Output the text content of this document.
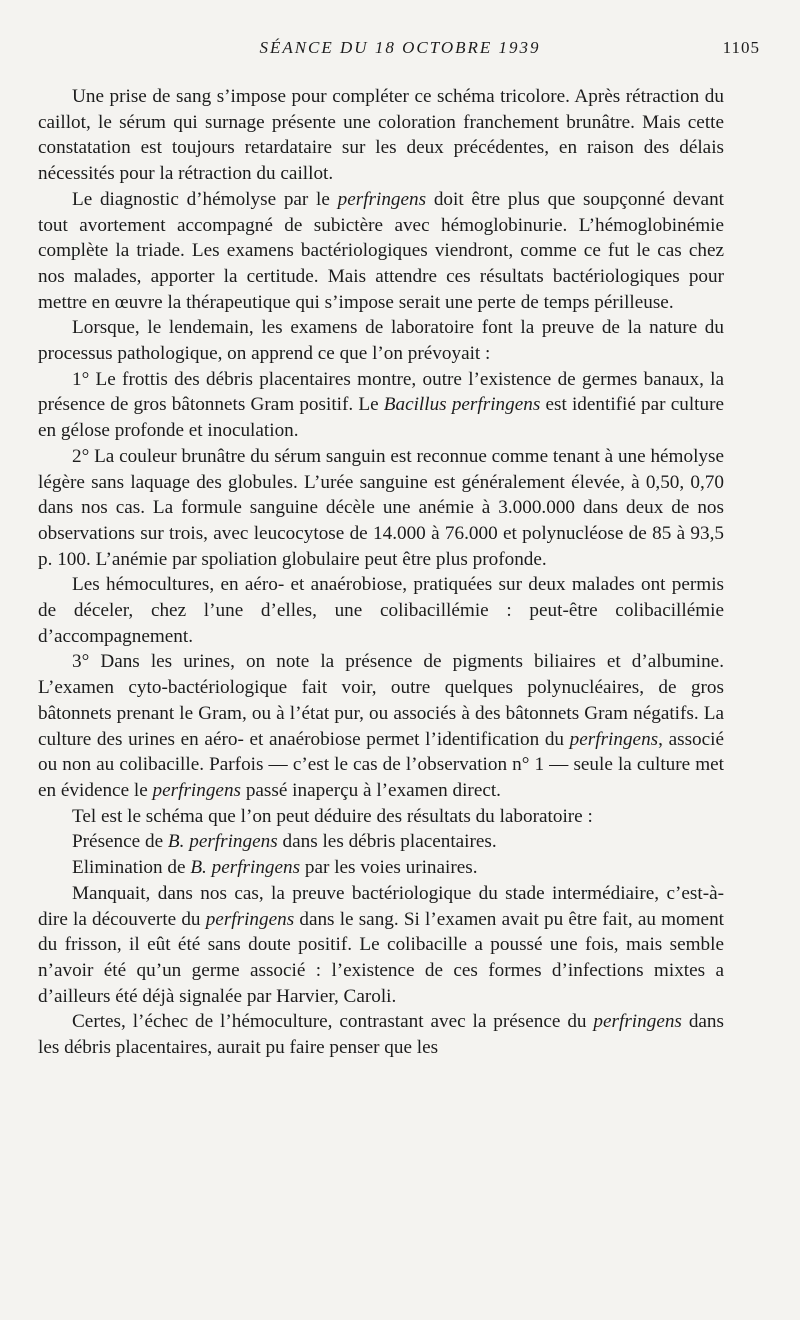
SÉANCE DU 18 OCTOBRE 1939	1105

Une prise de sang s’impose pour compléter ce schéma tricolore. Après rétraction du caillot, le sérum qui surnage présente une coloration franchement brunâtre. Mais cette constatation est toujours retardataire sur les deux précédentes, en raison des délais nécessités pour la rétraction du caillot.

Le diagnostic d’hémolyse par le perfringens doit être plus que soupçonné devant tout avortement accompagné de subictère avec hémoglobinurie. L’hémoglobinémie complète la triade. Les examens bactériologiques viendront, comme ce fut le cas chez nos malades, apporter la certitude. Mais attendre ces résultats bactériologiques pour mettre en œuvre la thérapeutique qui s’impose serait une perte de temps périlleuse.

Lorsque, le lendemain, les examens de laboratoire font la preuve de la nature du processus pathologique, on apprend ce que l’on prévoyait :

1° Le frottis des débris placentaires montre, outre l’existence de germes banaux, la présence de gros bâtonnets Gram positif. Le Bacillus perfringens est identifié par culture en gélose profonde et inoculation.

2° La couleur brunâtre du sérum sanguin est reconnue comme tenant à une hémolyse légère sans laquage des globules. L’urée sanguine est généralement élevée, à 0,50, 0,70 dans nos cas. La formule sanguine décèle une anémie à 3.000.000 dans deux de nos observations sur trois, avec leucocytose de 14.000 à 76.000 et polynucléose de 85 à 93,5 p. 100. L’anémie par spoliation globulaire peut être plus profonde.

Les hémocultures, en aéro- et anaérobiose, pratiquées sur deux malades ont permis de déceler, chez l’une d’elles, une colibacillémie : peut-être colibacillémie d’accompagnement.

3° Dans les urines, on note la présence de pigments biliaires et d’albumine. L’examen cyto-bactériologique fait voir, outre quelques polynucléaires, de gros bâtonnets prenant le Gram, ou à l’état pur, ou associés à des bâtonnets Gram négatifs. La culture des urines en aéro- et anaérobiose permet l’identification du perfringens, associé ou non au colibacille. Parfois — c’est le cas de l’observation n° 1 — seule la culture met en évidence le perfringens passé inaperçu à l’examen direct.

Tel est le schéma que l’on peut déduire des résultats du laboratoire :

Présence de B. perfringens dans les débris placentaires.

Elimination de B. perfringens par les voies urinaires.

Manquait, dans nos cas, la preuve bactériologique du stade intermédiaire, c’est-à-dire la découverte du perfringens dans le sang. Si l’examen avait pu être fait, au moment du frisson, il eût été sans doute positif. Le colibacille a poussé une fois, mais semble n’avoir été qu’un germe associé : l’existence de ces formes d’infections mixtes a d’ailleurs été déjà signalée par Harvier, Caroli.

Certes, l’échec de l’hémoculture, contrastant avec la présence du perfringens dans les débris placentaires, aurait pu faire penser que les
